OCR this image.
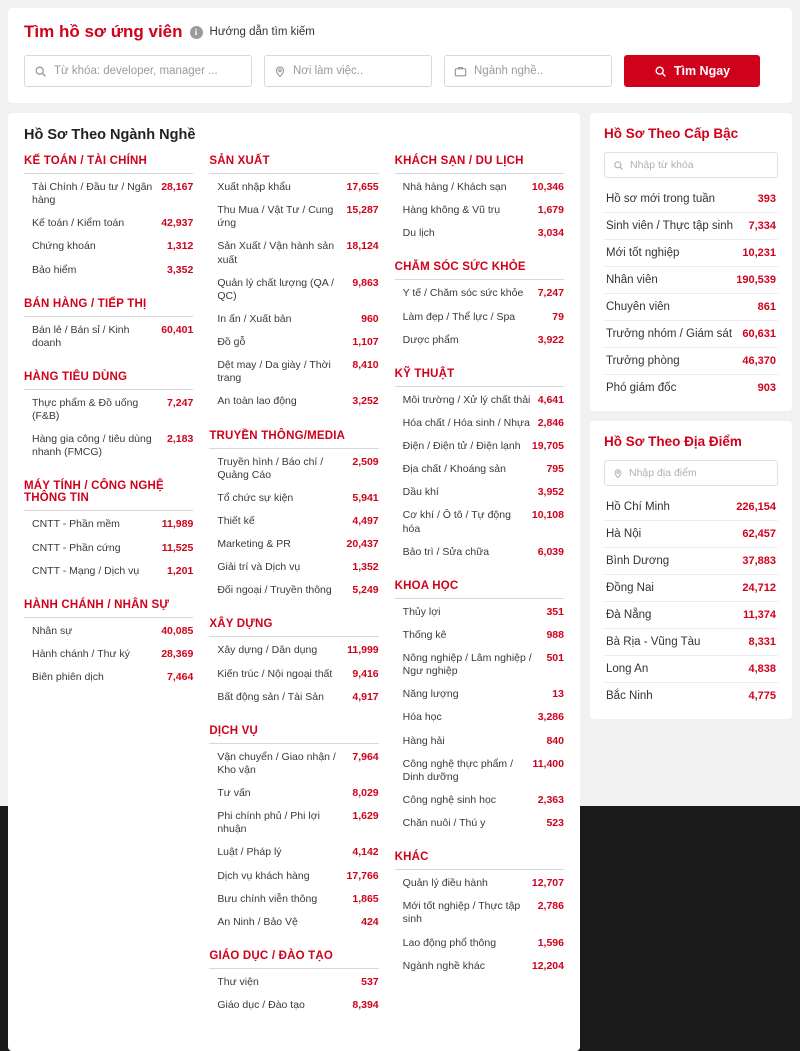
Tìm hồ sơ ứng viên	i	Hướng dẫn tìm kiếm
Từ khóa: developer, manager ...	Nơi làm việc..	Ngành nghề..	Tìm Ngay
Hồ Sơ Theo Ngành Nghề
KẾ TOÁN / TÀI CHÍNH
Tài Chính / Đầu tư / Ngân hàng
28,167
Kế toán / Kiểm toán	42,937
Chứng khoán	1,312
Bảo hiểm	3,352
BÁN HÀNG / TIẾP THỊ
Bán lẻ / Bán sỉ / Kinh doanh
60,401
HÀNG TIÊU DÙNG
Thực phẩm & Đồ uống (F&B)
7,247
Hàng gia công / tiêu dùng nhanh (FMCG)
2,183
MÁY TÍNH / CÔNG NGHỆ THÔNG TIN
CNTT - Phần mềm	11,989
CNTT - Phần cứng	11,525
CNTT - Mạng / Dịch vụ	1,201
HÀNH CHÁNH / NHÂN SỰ
Nhân sự	40,085
Hành chánh / Thư ký	28,369
Biên phiên dịch	7,464
SẢN XUẤT
Xuất nhập khẩu	17,655
Thu Mua / Vật Tư / Cung ứng
15,287
Sản Xuất / Vận hành sản xuất
18,124
Quản lý chất lượng (QA / QC)
9,863
In ấn / Xuất bản	960
Đồ gỗ	1,107
Dệt may / Da giày / Thời trang
8,410
An toàn lao động	3,252
TRUYỀN THÔNG/MEDIA
Truyền hình / Báo chí / Quảng Cáo
2,509
Tổ chức sự kiện	5,941
Thiết kế	4,497
Marketing & PR	20,437
Giải trí và Dịch vụ	1,352
Đối ngoại / Truyền thông	5,249
XÂY DỰNG
Xây dựng / Dân dụng	11,999
Kiến trúc / Nội ngoại thất	9,416
Bất động sản / Tài Sản	4,917
DỊCH VỤ
Vận chuyển / Giao nhận / Kho vận
7,964
Tư vấn	8,029
Phi chính phủ / Phi lợi nhuận
1,629
Luật / Pháp lý	4,142
Dịch vụ khách hàng	17,766
Bưu chính viễn thông	1,865
An Ninh / Bảo Vệ	424
GIÁO DỤC / ĐÀO TẠO
Thư viện	537
Giáo dục / Đào tạo	8,394
KHÁCH SẠN / DU LỊCH
Nhà hàng / Khách sạn	10,346
Hàng không & Vũ trụ	1,679
Du lịch	3,034
CHĂM SÓC SỨC KHỎE
Y tế / Chăm sóc sức khỏe	7,247
Làm đẹp / Thể lực / Spa	79
Dược phẩm	3,922
KỸ THUẬT
Môi trường / Xử lý chất thải 4,641
Hóa chất / Hóa sinh / Nhựa 2,846
Điện / Điện tử / Điện lạnh	19,705
Địa chất / Khoáng sản	795
Dầu khí	3,952
Cơ khí / Ô tô / Tự động hóa
10,108
Bảo trì / Sửa chữa	6,039
KHOA HỌC
Thủy lợi	351
Thống kê	988
Nông nghiệp / Lâm nghiệp / Ngư nghiệp
501
Năng lượng	13
Hóa học	3,286
Hàng hải	840
Công nghệ thực phẩm / Dinh dưỡng
11,400
Công nghệ sinh học	2,363
Chăn nuôi / Thú y	523
KHÁC
Quản lý điều hành	12,707
Mới tốt nghiệp / Thực tập sinh
2,786
Lao động phổ thông	1,596
Ngành nghề khác	12,204
Hồ Sơ Theo Cấp Bậc
Nhập từ khóa
Hồ sơ mới trong tuần	393
Sinh viên / Thực tập sinh 7,334
Mới tốt nghiệp	10,231
Nhân viên	190,539
Chuyên viên	861
Trưởng nhóm / Giám sát 60,631
Trưởng phòng	46,370
Phó giám đốc	903
Hồ Sơ Theo Địa Điểm
Nhập địa điểm
Hồ Chí Minh	226,154
Hà Nội	62,457
Bình Dương	37,883
Đồng Nai	24,712
Đà Nẵng	11,374
Bà Rịa - Vũng Tàu	8,331
Long An	4,838
Bắc Ninh	4,775
